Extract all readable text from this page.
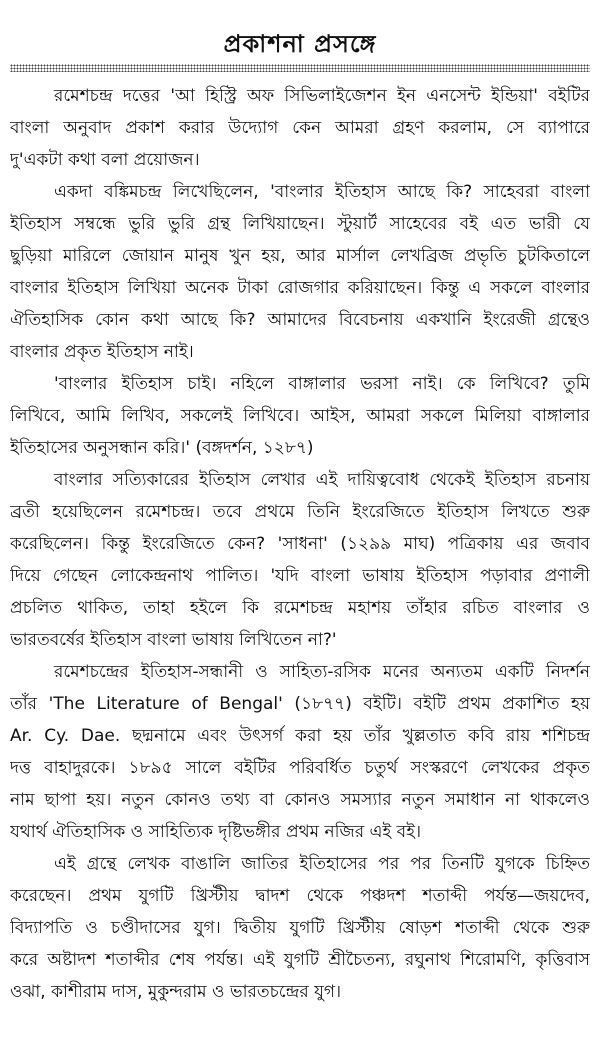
প্রকাশনা প্রসঙ্গে
রমেশচন্দ্র দত্তের 'আ হিস্ট্রি অফ সিভিলাইজেশন ইন এনসেন্ট ইন্ডিয়া' বইটির
বাংলা অনুবাদ প্রকাশ করার উদ্যোগ কেন আমরা গ্রহণ করলাম, সে ব্যাপারে
দু'একটা কথা বলা প্রয়োজন।
একদা বঙ্কিমচন্দ্র লিখেছিলেন, 'বাংলার ইতিহাস আছে কি? সাহেবরা বাংলা
ইতিহাস সম্বন্ধে ভুরি ভুরি গ্রন্থ লিখিয়াছেন। স্টুয়ার্ট সাহেবের বই এত ভারী যে
ছুড়িয়া মারিলে জোয়ান মানুষ খুন হয়, আর মার্সাল লেখব্রিজ প্রভৃতি চুটকিতালে
বাংলার ইতিহাস লিখিয়া অনেক টাকা রোজগার করিয়াছেন। কিন্তু এ সকলে বাংলার
ঐতিহাসিক কোন কথা আছে কি? আমাদের বিবেচনায় একখানি ইংরেজী গ্রন্থেও
বাংলার প্রকৃত ইতিহাস নাই।
'বাংলার ইতিহাস চাই। নহিলে বাঙ্গালার ভরসা নাই। কে লিখিবে? তুমি
লিখিবে, আমি লিখিব, সকলেই লিখিবে। আইস, আমরা সকলে মিলিয়া বাঙ্গালার
ইতিহাসের অনুসন্ধান করি।' (বঙ্গদর্শন, ১২৮৭)
বাংলার সত্যিকারের ইতিহাস লেখার এই দায়িত্ববোধ থেকেই ইতিহাস রচনায়
ব্রতী হয়েছিলেন রমেশচন্দ্র। তবে প্রথমে তিনি ইংরেজিতে ইতিহাস লিখতে শুরু
করেছিলেন। কিন্তু ইংরেজিতে কেন? 'সাধনা' (১২৯৯ মাঘ) পত্রিকায় এর জবাব
দিয়ে গেছেন লোকেন্দ্রনাথ পালিত। 'যদি বাংলা ভাষায় ইতিহাস পড়াবার প্রণালী
প্রচলিত থাকিত, তাহা হইলে কি রমেশচন্দ্র মহাশয় তাঁহার রচিত বাংলার ও
ভারতবর্ষের ইতিহাস বাংলা ভাষায় লিখিতেন না?'
রমেশচন্দ্রের ইতিহাস-সন্ধানী ও সাহিত্য-রসিক মনের অন্যতম একটি নিদর্শন
তাঁর 'The Literature of Bengal' (১৮৭৭) বইটি। বইটি প্রথম প্রকাশিত হয়
Ar. Cy. Dae. ছদ্মনামে এবং উৎসর্গ করা হয় তাঁর খুল্লতাত কবি রায় শশিচন্দ্র
দত্ত বাহাদুরকে। ১৮৯৫ সালে বইটির পরিবর্ধিত চতুর্থ সংস্করণে লেখকের প্রকৃত
নাম ছাপা হয়। নতুন কোনও তথ্য বা কোনও সমস্যার নতুন সমাধান না থাকলেও
যথার্থ ঐতিহাসিক ও সাহিত্যিক দৃষ্টিভঙ্গীর প্রথম নজির এই বই।
এই গ্রন্থে লেখক বাঙালি জাতির ইতিহাসের পর পর তিনটি যুগকে চিহ্নিত
করেছেন। প্রথম যুগটি খ্রিস্টীয় দ্বাদশ থেকে পঞ্চদশ শতাব্দী পর্যন্ত—জয়দেব,
বিদ্যাপতি ও চণ্ডীদাসের যুগ। দ্বিতীয় যুগটি খ্রিস্টীয় ষোড়শ শতাব্দী থেকে শুরু
করে অষ্টাদশ শতাব্দীর শেষ পর্যন্ত। এই যুগটি শ্রীচৈতন্য, রঘুনাথ শিরোমণি, কৃত্তিবাস
ওঝা, কাশীরাম দাস, মুকুন্দরাম ও ভারতচন্দ্রের যুগ।
